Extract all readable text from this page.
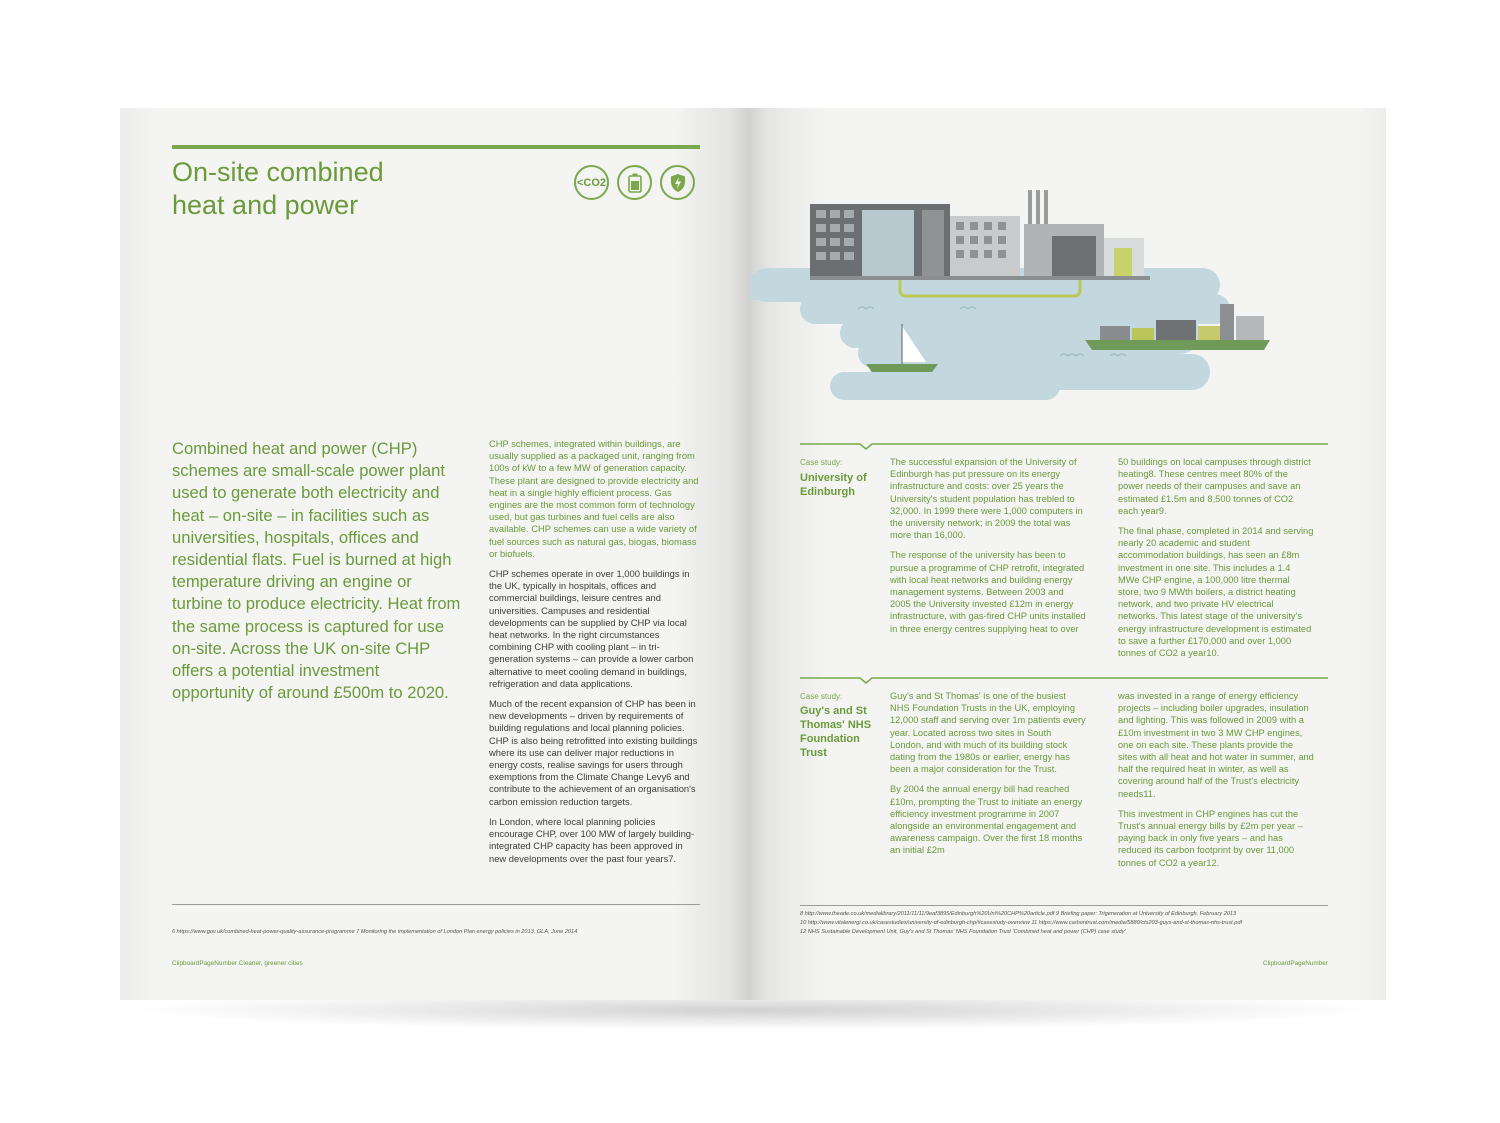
On-site combined
heat and power
<CO2

Combined heat and power (CHP) schemes are small-scale power plant used to generate both electricity and heat – on-site – in facilities such as universities, hospitals, offices and residential flats. Fuel is burned at high temperature driving an engine or turbine to produce electricity. Heat from the same process is captured for use on-site. Across the UK on-site CHP offers a potential investment opportunity of around £500m to 2020.

CHP schemes, integrated within buildings, are usually supplied as a packaged unit, ranging from 100s of kW to a few MW of generation capacity. These plant are designed to provide electricity and heat in a single highly efficient process. Gas engines are the most common form of technology used, but gas turbines and fuel cells are also available. CHP schemes can use a wide variety of fuel sources such as natural gas, biogas, biomass or biofuels.

CHP schemes operate in over 1,000 buildings in the UK, typically in hospitals, offices and commercial buildings, leisure centres and universities. Campuses and residential developments can be supplied by CHP via local heat networks. In the right circumstances combining CHP with cooling plant – in tri-generation systems – can provide a lower carbon alternative to meet cooling demand in buildings, refrigeration and data applications.

Much of the recent expansion of CHP has been in new developments – driven by requirements of building regulations and local planning policies. CHP is also being retrofitted into existing buildings where its use can deliver major reductions in energy costs, realise savings for users through exemptions from the Climate Change Levy6 and contribute to the achievement of an organisation's carbon emission reduction targets.

In London, where local planning policies encourage CHP, over 100 MW of largely building-integrated CHP capacity has been approved in new developments over the past four years7.

6 https://www.gov.uk/combined-heat-power-quality-assurance-programme 7 Monitoring the implementation of London Plan energy policies in 2013, GLA, June 2014
ClipboardPageNumber Cleaner, greener cities
Case study:
University of Edinburgh

The successful expansion of the University of Edinburgh has put pressure on its energy infrastructure and costs: over 25 years the University's student population has trebled to 32,000. In 1999 there were 1,000 computers in the university network; in 2009 the total was more than 16,000.

The response of the university has been to pursue a programme of CHP retrofit, integrated with local heat networks and building energy management systems. Between 2003 and 2005 the University invested £12m in energy infrastructure, with gas-fired CHP units installed in three energy centres supplying heat to over

50 buildings on local campuses through district heating8. These centres meet 80% of the power needs of their campuses and save an estimated £1.5m and 8,500 tonnes of CO2 each year9.

The final phase, completed in 2014 and serving nearly 20 academic and student accommodation buildings, has seen an £8m investment in one site. This includes a 1.4 MWe CHP engine, a 100,000 litre thermal store, two 9 MWth boilers, a district heating network, and two private HV electrical networks. This latest stage of the university's energy infrastructure development is estimated to save a further £170,000 and over 1,000 tonnes of CO2 a year10.

Case study:
Guy's and St Thomas' NHS Foundation Trust

Guy's and St Thomas' is one of the busiest NHS Foundation Trusts in the UK, employing 12,000 staff and serving over 1m patients every year. Located across two sites in South London, and with much of its building stock dating from the 1980s or earlier, energy has been a major consideration for the Trust.

By 2004 the annual energy bill had reached £10m, prompting the Trust to initiate an energy efficiency investment programme in 2007 alongside an environmental engagement and awareness campaign. Over the first 18 months an initial £2m

was invested in a range of energy efficiency projects – including boiler upgrades, insulation and lighting. This was followed in 2009 with a £10m investment in two 3 MW CHP engines, one on each site. These plants provide the sites with all heat and hot water in summer, and half the required heat in winter, as well as covering around half of the Trust's electricity needs11.

This investment in CHP engines has cut the Trust's annual energy bills by £2m per year – paying back in only five years – and has reduced its carbon footprint by over 11,000 tonnes of CO2 a year12.

8 http://www.theade.co.uk/medialibrary/2011/11/11/9eaf3895/Edinburgh%20Uni%20CHP%20article.pdf 9 Briefing paper: Trigeneration at University of Edinburgh, February 2013
10 http://www.vitalenergi.co.uk/casestudies/university-of-edinburgh-chp/#casestudy-overview 11 https://www.carbontrust.com/media/5880/cts203-guys-and-st-thomas-nhs-trust.pdf
12 NHS Sustainable Development Unit, Guy's and St Thomas' NHS Foundation Trust 'Combined heat and power (CHP) case study'
ClipboardPageNumber
